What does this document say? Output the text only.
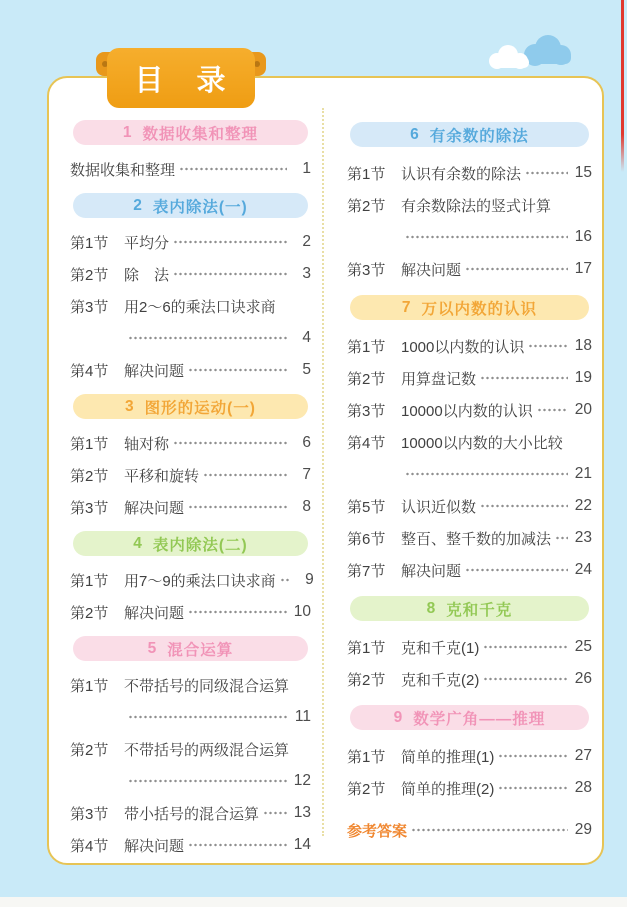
1 数据收集和整理
数据收集和整理	1
2 表内除法(一)
第1节	平均分	2
第2节	除　法	3
第3节	用2～6的乘法口诀求商
4
第4节	解决问题	5
3 图形的运动(一)
第1节	轴对称	6
第2节	平移和旋转	7
第3节	解决问题	8
4 表内除法(二)
第1节	用7～9的乘法口诀求商	9
第2节	解决问题	10
5 混合运算
第1节	不带括号的同级混合运算
11
第2节	不带括号的两级混合运算
12
第3节	带小括号的混合运算 13
第4节	解决问题	14
6 有余数的除法
第1节	认识有余数的除法	15
第2节	有余数除法的竖式计算
16
第3节	解决问题	17
7 万以内数的认识
第1节	1000以内数的认识	18
第2节	用算盘记数	19
第3节	10000以内数的认识	20
第4节	10000以内数的大小比较
21
第5节	认识近似数	22
第6节	整百、整千数的加减法 23
第7节	解决问题	24
8 克和千克
第1节	克和千克(1)	25
第2节	克和千克(2)	26
9 数学广角——推理
第1节	简单的推理(1)	27
第2节	简单的推理(2)	28
参考答案	29
目　录
